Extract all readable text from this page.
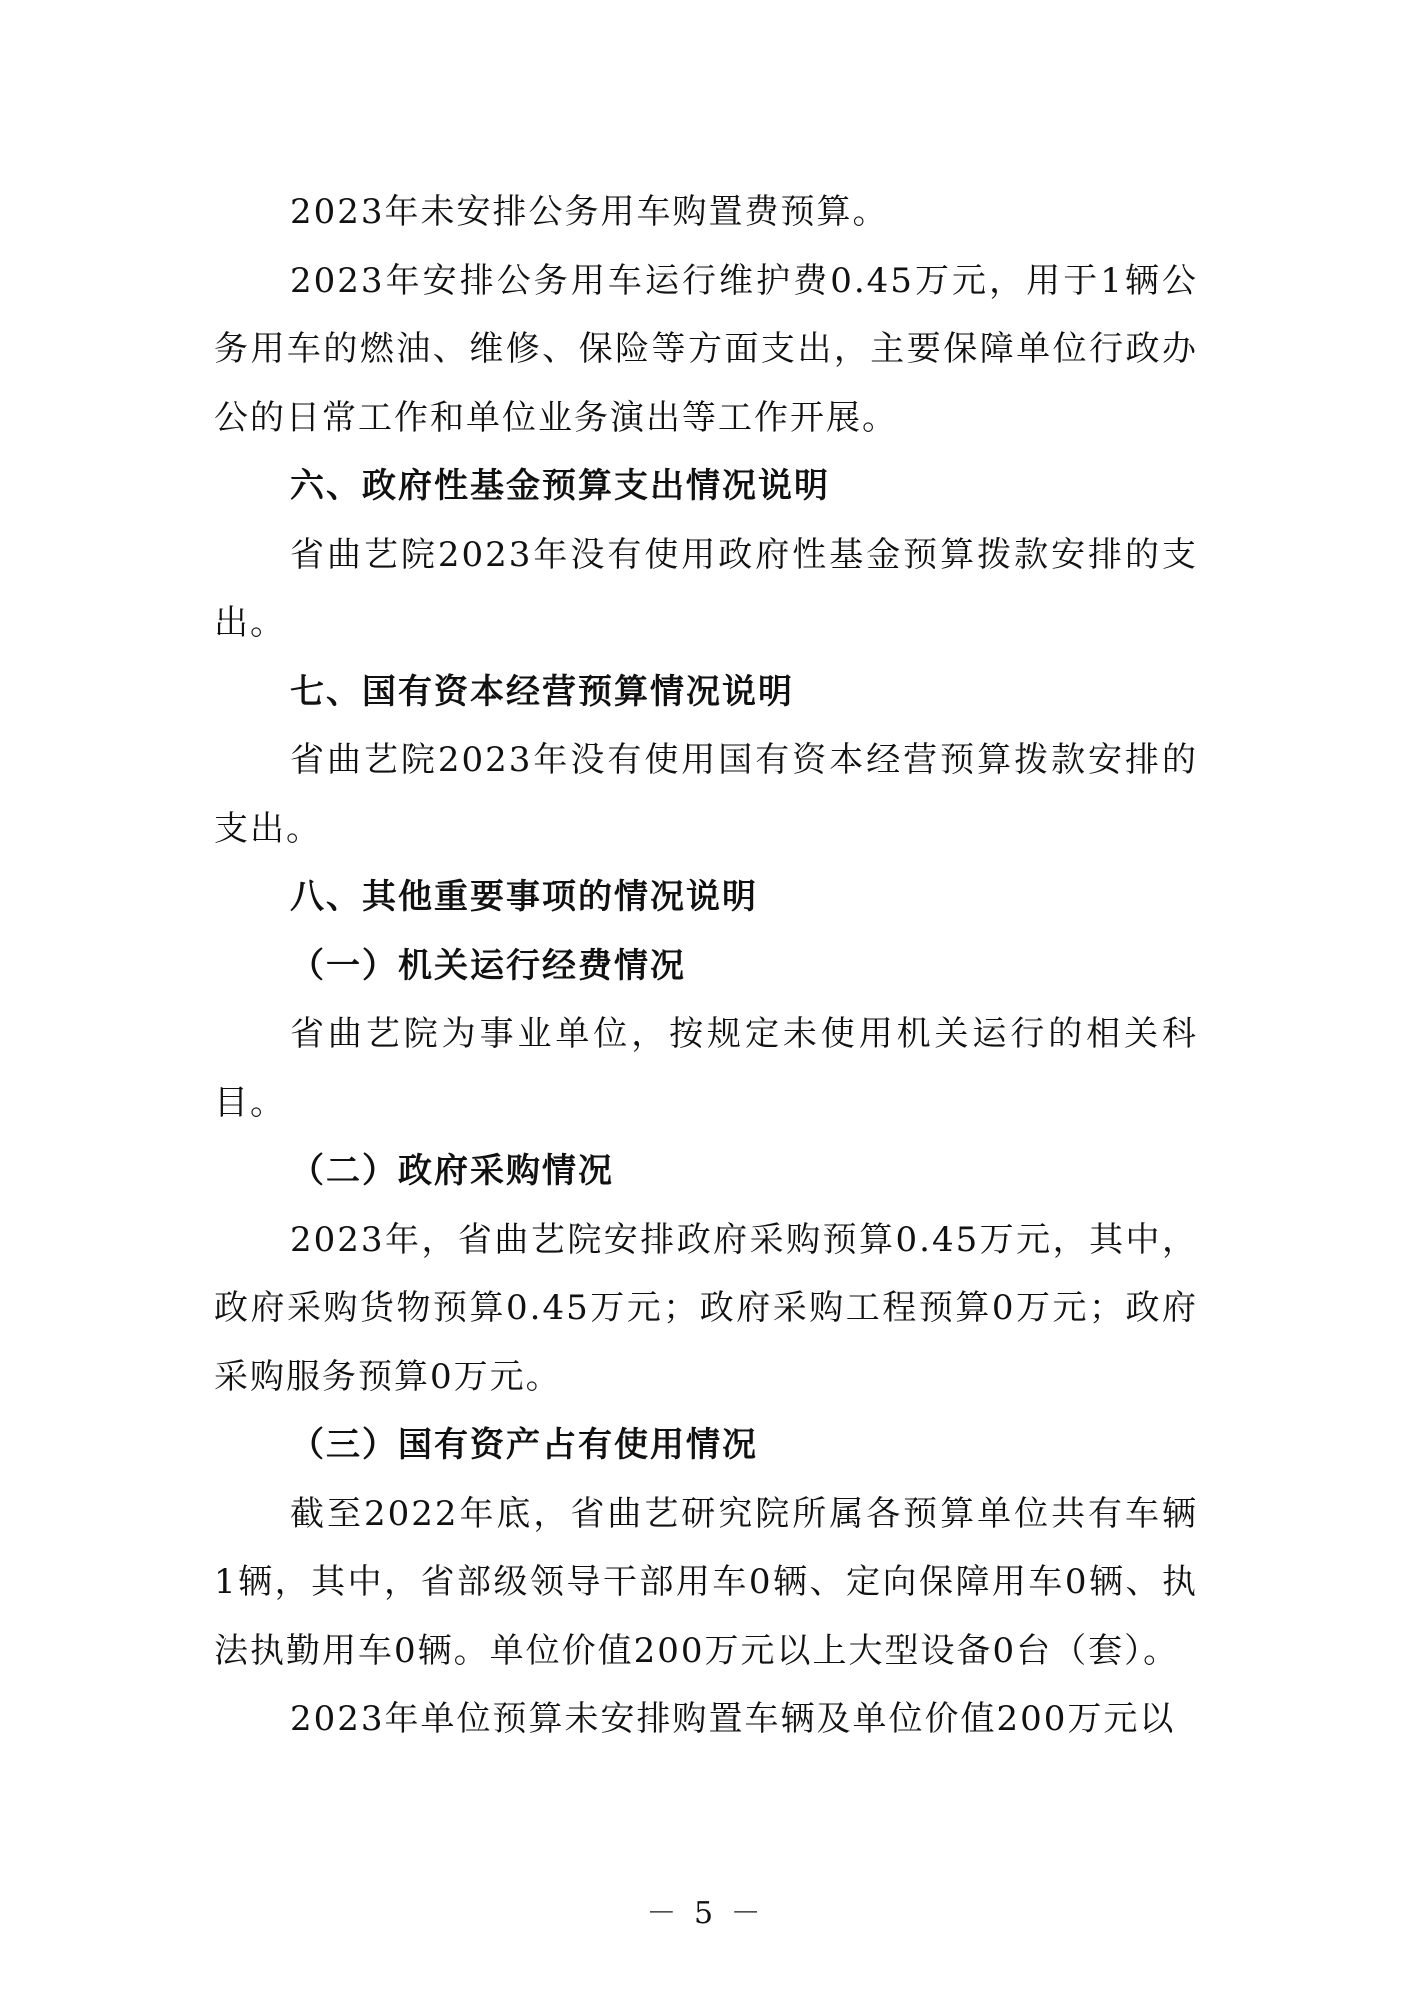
2023年未安排公务用车购置费预算。

2023年安排公务用车运行维护费0.45万元，用于1辆公务用车的燃油、维修、保险等方面支出，主要保障单位行政办公的日常工作和单位业务演出等工作开展。

六、政府性基金预算支出情况说明

省曲艺院2023年没有使用政府性基金预算拨款安排的支出。

七、国有资本经营预算情况说明

省曲艺院2023年没有使用国有资本经营预算拨款安排的支出。

八、其他重要事项的情况说明

（一）机关运行经费情况

省曲艺院为事业单位，按规定未使用机关运行的相关科目。

（二）政府采购情况

2023年，省曲艺院安排政府采购预算0.45万元，其中，政府采购货物预算0.45万元；政府采购工程预算0万元；政府采购服务预算0万元。

（三）国有资产占有使用情况

截至2022年底，省曲艺研究院所属各预算单位共有车辆1辆，其中，省部级领导干部用车0辆、定向保障用车0辆、执法执勤用车0辆。单位价值200万元以上大型设备0台（套）。

2023年单位预算未安排购置车辆及单位价值200万元以

－ 5 －
